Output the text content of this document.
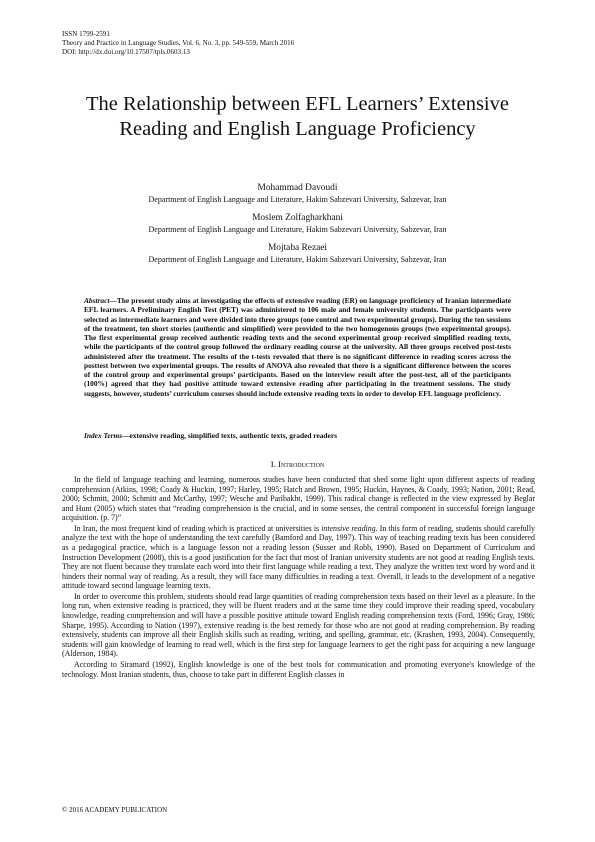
ISSN 1799-2591
Theory and Practice in Language Studies, Vol. 6, No. 3, pp. 549-559, March 2016
DOI: http://dx.doi.org/10.17507/tpls.0603.13
The Relationship between EFL Learners’ Extensive Reading and English Language Proficiency
Mohammad Davoudi
Department of English Language and Literature, Hakim Sabzevari University, Sabzevar, Iran
Moslem Zolfagharkhani
Department of English Language and Literature, Hakim Sabzevari University, Sabzevar, Iran
Mojtaba Rezaei
Department of English Language and Literature, Hakim Sabzevari University, Sabzevar, Iran
Abstract—The present study aims at investigating the effects of extensive reading (ER) on language proficiency of Iranian intermediate EFL learners. A Preliminary English Test (PET) was administered to 106 male and female university students. The participants were selected as intermediate learners and were divided into three groups (one control and two experimental groups). During the ten sessions of the treatment, ten short stories (authentic and simplified) were provided to the two homogenous groups (two experimental groups). The first experimental group received authentic reading texts and the second experimental group received simplified reading texts, while the participants of the control group followed the ordinary reading course at the university. All three groups received post-tests administered after the treatment. The results of the t-tests revealed that there is no significant difference in reading scores across the posttest between two experimental groups. The results of ANOVA also revealed that there is a significant difference between the scores of the control group and experimental groups’ participants. Based on the interview result after the post-test, all of the participants (100%) agreed that they had positive attitude toward extensive reading after participating in the treatment sessions. The study suggests, however, students’ curriculum courses should include extensive reading texts in order to develop EFL language proficiency.
Index Terms—extensive reading, simplified texts, authentic texts, graded readers
I. Introduction

In the field of language teaching and learning, numerous studies have been conducted that shed some light upon different aspects of reading comprehension (Atkins, 1998; Coady & Huckin, 1997; Harley, 1995; Hatch and Brown, 1995; Huckin, Haynes, & Coady, 1993; Nation, 2001; Read, 2000; Schmitt, 2000; Schmitt and McCarthy, 1997; Wesche and Paribakht, 1999). This radical change is reflected in the view expressed by Beglar and Hunt (2005) which states that “reading comprehension is the crucial, and in some senses, the central component in successful foreign language acquisition. (p. 7)”

In Iran, the most frequent kind of reading which is practiced at universities is intensive reading. In this form of reading, students should carefully analyze the text with the hope of understanding the text carefully (Bamford and Day, 1997). This way of teaching reading texts has been considered as a pedagogical practice, which is a language lesson not a reading lesson (Susser and Robb, 1990). Based on Department of Curriculum and Instruction Development (2008), this is a good justification for the fact that most of Iranian university students are not good at reading English texts. They are not fluent because they translate each word into their first language while reading a text. They analyze the written text word by word and it hinders their normal way of reading. As a result, they will face many difficulties in reading a text. Overall, it leads to the development of a negative attitude toward second language learning texts.

In order to overcome this problem, students should read large quantities of reading comprehension texts based on their level as a pleasure. In the long run, when extensive reading is practiced, they will be fluent readers and at the same time they could improve their reading speed, vocabulary knowledge, reading comprehension and will have a possible positive attitude toward English reading comprehension texts (Ford, 1996; Gray, 1986; Sharpe, 1995). According to Nation (1997), extensive reading is the best remedy for those who are not good at reading comprehension. By reading extensively, students can improve all their English skills such as reading, writing, and spelling, grammar, etc. (Krashen, 1993, 2004). Consequently, students will gain knowledge of learning to read well, which is the first step for language learners to get the right pass for acquiring a new language (Alderson, 1984).

According to Siramard (1992), English knowledge is one of the best tools for communication and promoting everyone's knowledge of the technology. Most Iranian students, thus, choose to take part in different English classes in

© 2016 ACADEMY PUBLICATION
